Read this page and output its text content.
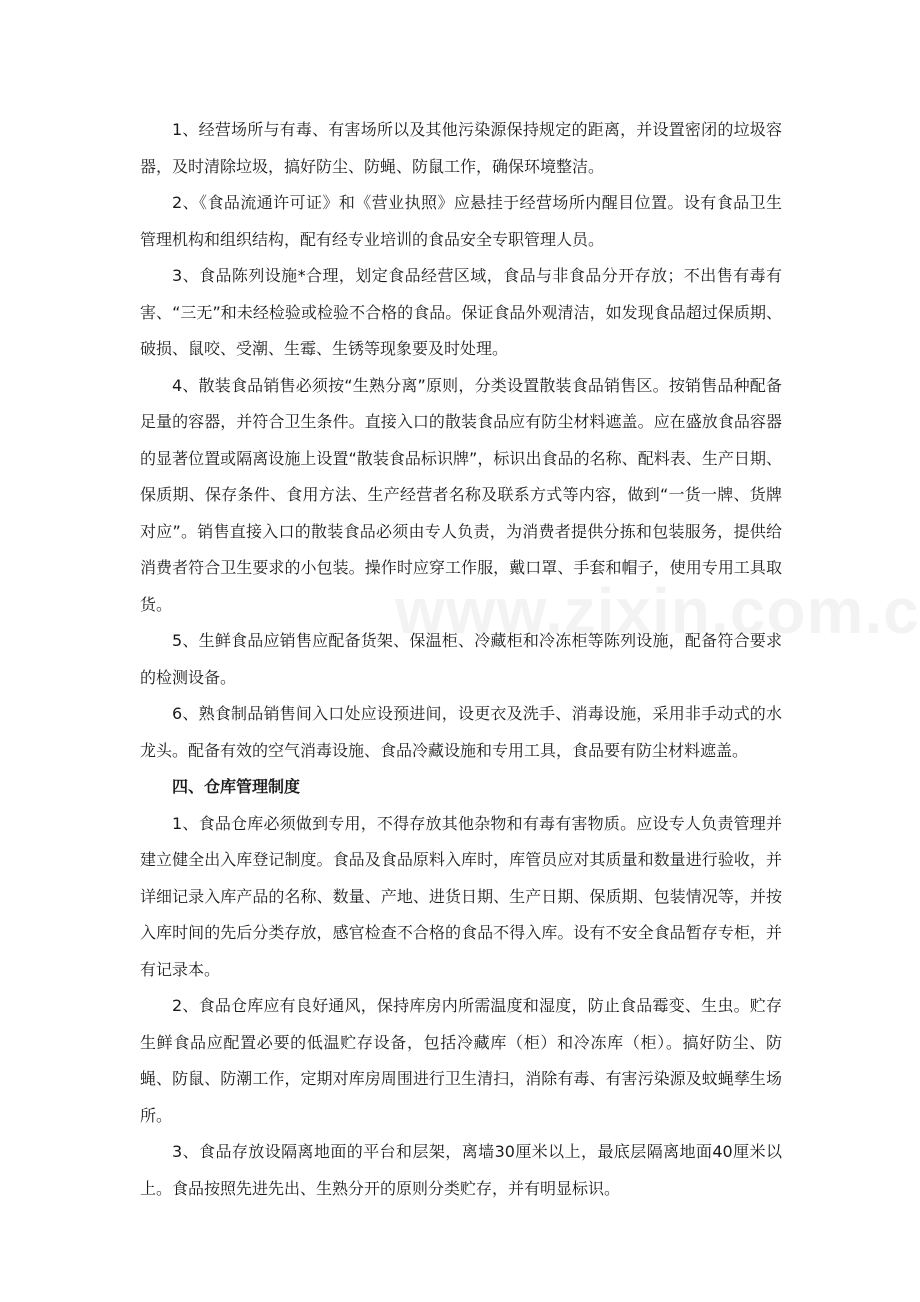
1、经营场所与有毒、有害场所以及其他污染源保持规定的距离，并设置密闭的垃圾容器，及时清除垃圾，搞好防尘、防蝇、防鼠工作，确保环境整洁。

2、《食品流通许可证》和《营业执照》应悬挂于经营场所内醒目位置。设有食品卫生管理机构和组织结构，配有经专业培训的食品安全专职管理人员。

3、食品陈列设施*合理，划定食品经营区域，食品与非食品分开存放；不出售有毒有害、“三无”和未经检验或检验不合格的食品。保证食品外观清洁，如发现食品超过保质期、破损、鼠咬、受潮、生霉、生锈等现象要及时处理。

4、散装食品销售必须按“生熟分离”原则，分类设置散装食品销售区。按销售品种配备足量的容器，并符合卫生条件。直接入口的散装食品应有防尘材料遮盖。应在盛放食品容器的显著位置或隔离设施上设置“散装食品标识牌”，标识出食品的名称、配料表、生产日期、保质期、保存条件、食用方法、生产经营者名称及联系方式等内容，做到“一货一牌、货牌对应”。销售直接入口的散装食品必须由专人负责，为消费者提供分拣和包装服务，提供给消费者符合卫生要求的小包装。操作时应穿工作服，戴口罩、手套和帽子，使用专用工具取货。

5、生鲜食品应销售应配备货架、保温柜、冷藏柜和冷冻柜等陈列设施，配备符合要求的检测设备。

6、熟食制品销售间入口处应设预进间，设更衣及洗手、消毒设施，采用非手动式的水龙头。配备有效的空气消毒设施、食品冷藏设施和专用工具，食品要有防尘材料遮盖。

四、仓库管理制度

1、食品仓库必须做到专用，不得存放其他杂物和有毒有害物质。应设专人负责管理并建立健全出入库登记制度。食品及食品原料入库时，库管员应对其质量和数量进行验收，并详细记录入库产品的名称、数量、产地、进货日期、生产日期、保质期、包装情况等，并按入库时间的先后分类存放，感官检查不合格的食品不得入库。设有不安全食品暂存专柜，并有记录本。

2、食品仓库应有良好通风，保持库房内所需温度和湿度，防止食品霉变、生虫。贮存生鲜食品应配置必要的低温贮存设备，包括冷藏库（柜）和冷冻库（柜）。搞好防尘、防蝇、防鼠、防潮工作，定期对库房周围进行卫生清扫，消除有毒、有害污染源及蚊蝇孳生场所。

3、食品存放设隔离地面的平台和层架，离墙30厘米以上，最底层隔离地面40厘米以上。食品按照先进先出、生熟分开的原则分类贮存，并有明显标识。
